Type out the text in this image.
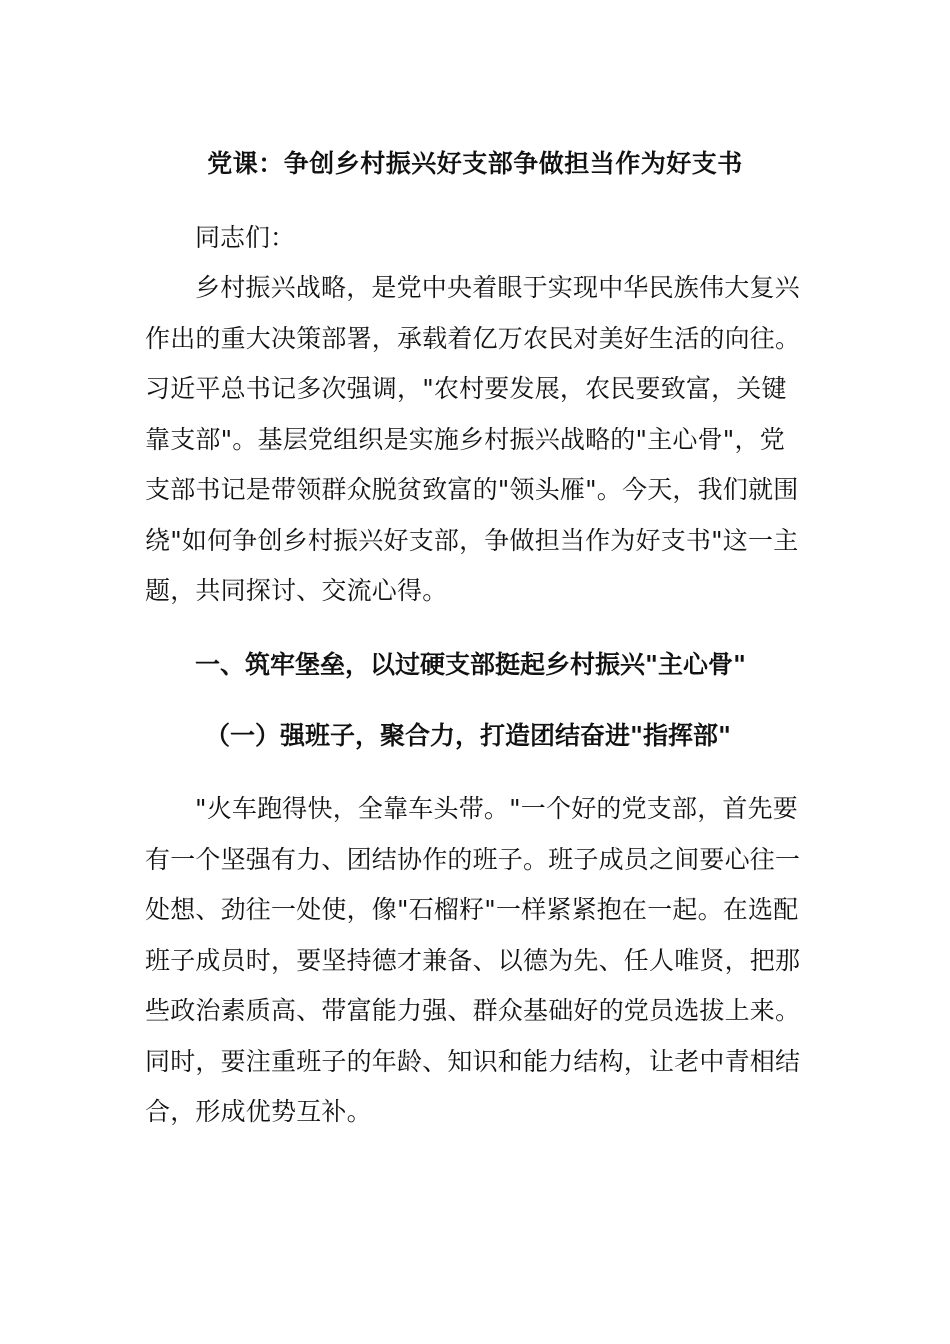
党课：争创乡村振兴好支部争做担当作为好支书

同志们：

乡村振兴战略，是党中央着眼于实现中华民族伟大复兴作出的重大决策部署，承载着亿万农民对美好生活的向往。习近平总书记多次强调，"农村要发展，农民要致富，关键靠支部"。基层党组织是实施乡村振兴战略的"主心骨"，党支部书记是带领群众脱贫致富的"领头雁"。今天，我们就围绕"如何争创乡村振兴好支部，争做担当作为好支书"这一主题，共同探讨、交流心得。

一、筑牢堡垒，以过硬支部挺起乡村振兴"主心骨"
（一）强班子，聚合力，打造团结奋进"指挥部"

"火车跑得快，全靠车头带。"一个好的党支部，首先要有一个坚强有力、团结协作的班子。班子成员之间要心往一处想、劲往一处使，像"石榴籽"一样紧紧抱在一起。在选配班子成员时，要坚持德才兼备、以德为先、任人唯贤，把那些政治素质高、带富能力强、群众基础好的党员选拔上来。同时，要注重班子的年龄、知识和能力结构，让老中青相结合，形成优势互补。
